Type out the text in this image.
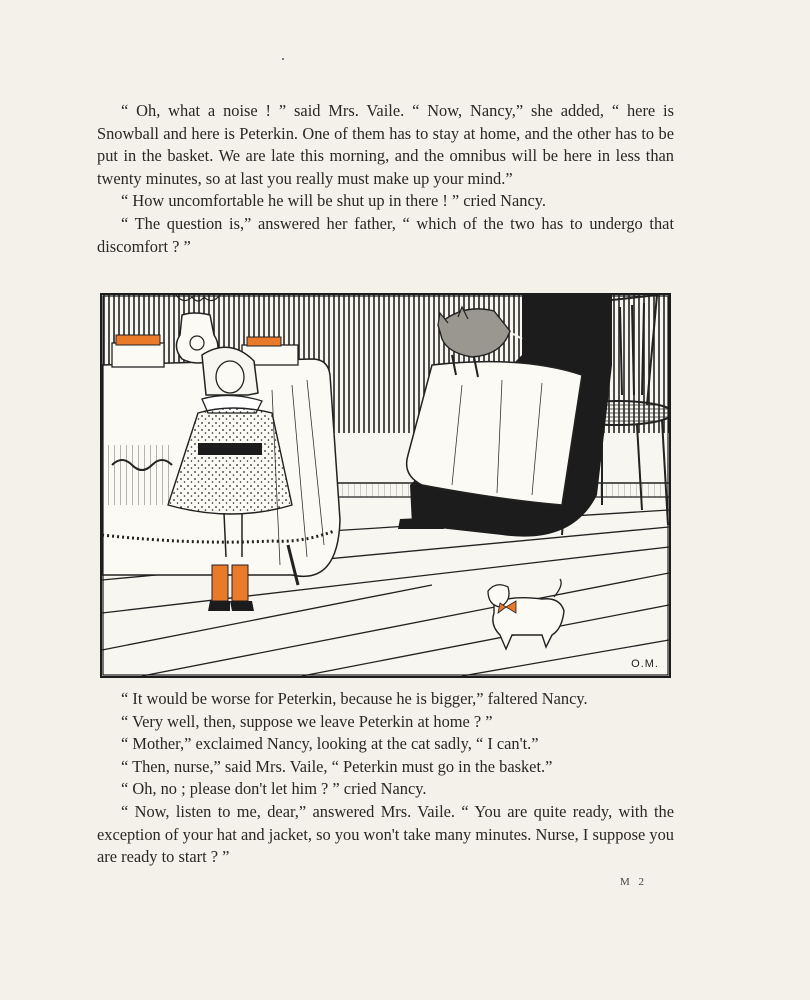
“ Oh, what a noise ! ” said Mrs. Vaile. “ Now, Nancy,” she added, “ here is Snowball and here is Peterkin. One of them has to stay at home, and the other has to be put in the basket. We are late this morning, and the omnibus will be here in less than twenty minutes, so at last you really must make up your mind.”

“ How uncomfortable he will be shut up in there ! ” cried Nancy.

“ The question is,” answered her father, “ which of the two has to undergo that discomfort ? ”

O.M.

“ It would be worse for Peterkin, because he is bigger,” faltered Nancy.

“ Very well, then, suppose we leave Peterkin at home ? ”

“ Mother,” exclaimed Nancy, looking at the cat sadly, “ I can't.”

“ Then, nurse,” said Mrs. Vaile, “ Peterkin must go in the basket.”

“ Oh, no ; please don't let him ? ” cried Nancy.

“ Now, listen to me, dear,” answered Mrs. Vaile. “ You are quite ready, with the exception of your hat and jacket, so you won't take many minutes. Nurse, I suppose you are ready to start ? ”

M 2
